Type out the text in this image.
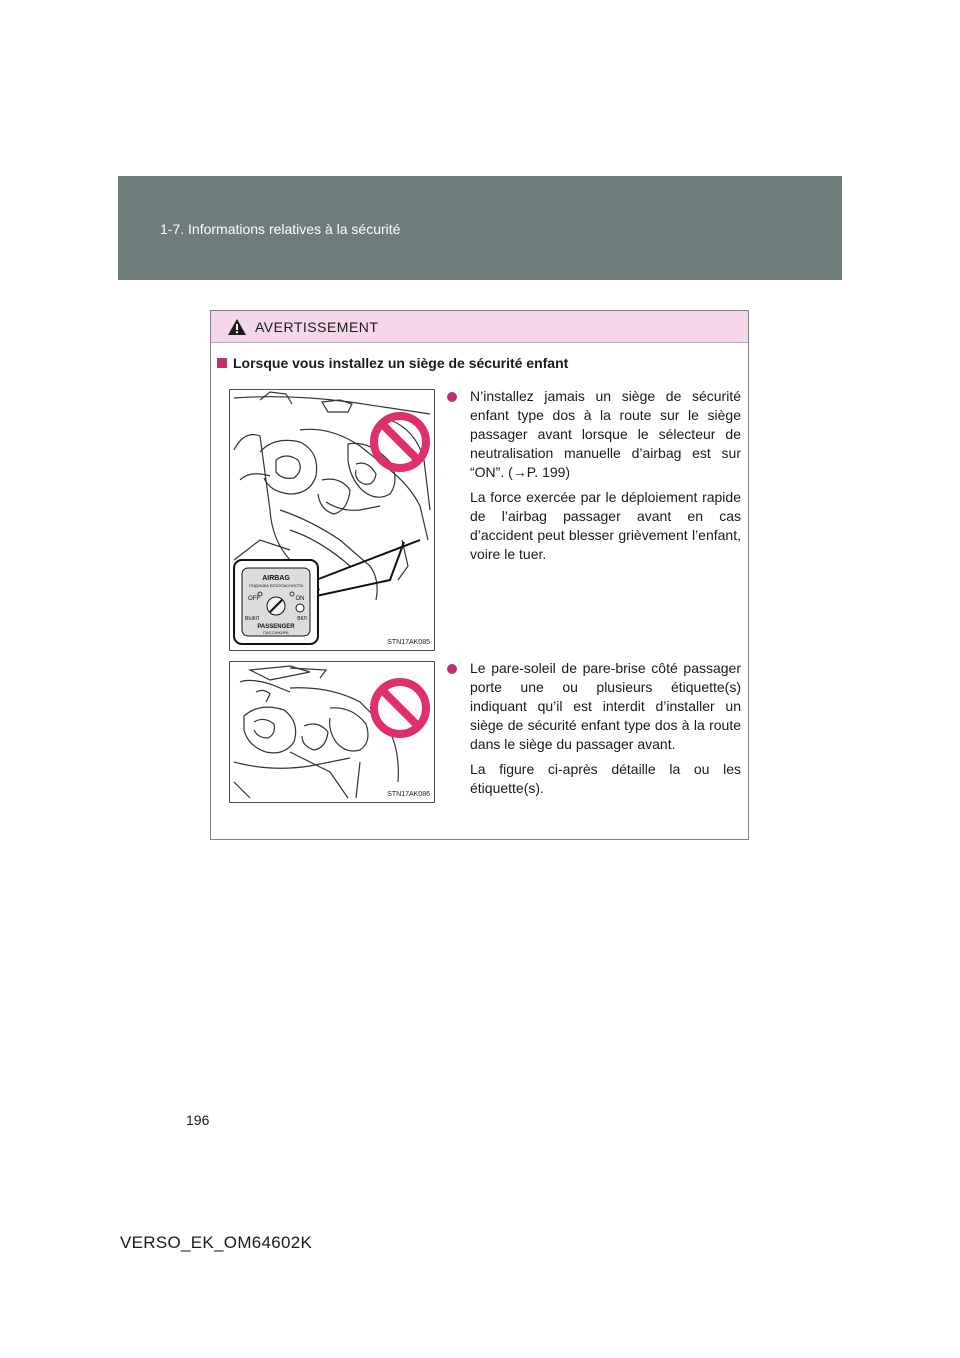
1-7. Informations relatives à la sécurité
AVERTISSEMENT
Lorsque vous installez un siège de sécurité enfant
AIRBAG
ПОДУШКА БЕЗОПАСНОСТИ
OFF	ON
ВЫКЛ	ВКЛ
PASSENGER
ПАССАЖИРА
STN17AK085

N’installez jamais un siège de sécurité enfant type dos à la route sur le siège passager avant lorsque le sélecteur de neutralisation manuelle d’airbag est sur “ON”. (→P. 199)

La force exercée par le déploiement rapide de l’airbag passager avant en cas d’accident peut blesser grièvement l’enfant, voire le tuer.

STN17AK086

Le pare-soleil de pare-brise côté passager porte une ou plusieurs étiquette(s) indiquant qu’il est interdit d’installer un siège de sécurité enfant type dos à la route dans le siège du passager avant.

La figure ci-après détaille la ou les étiquette(s).

196
VERSO_EK_OM64602K
